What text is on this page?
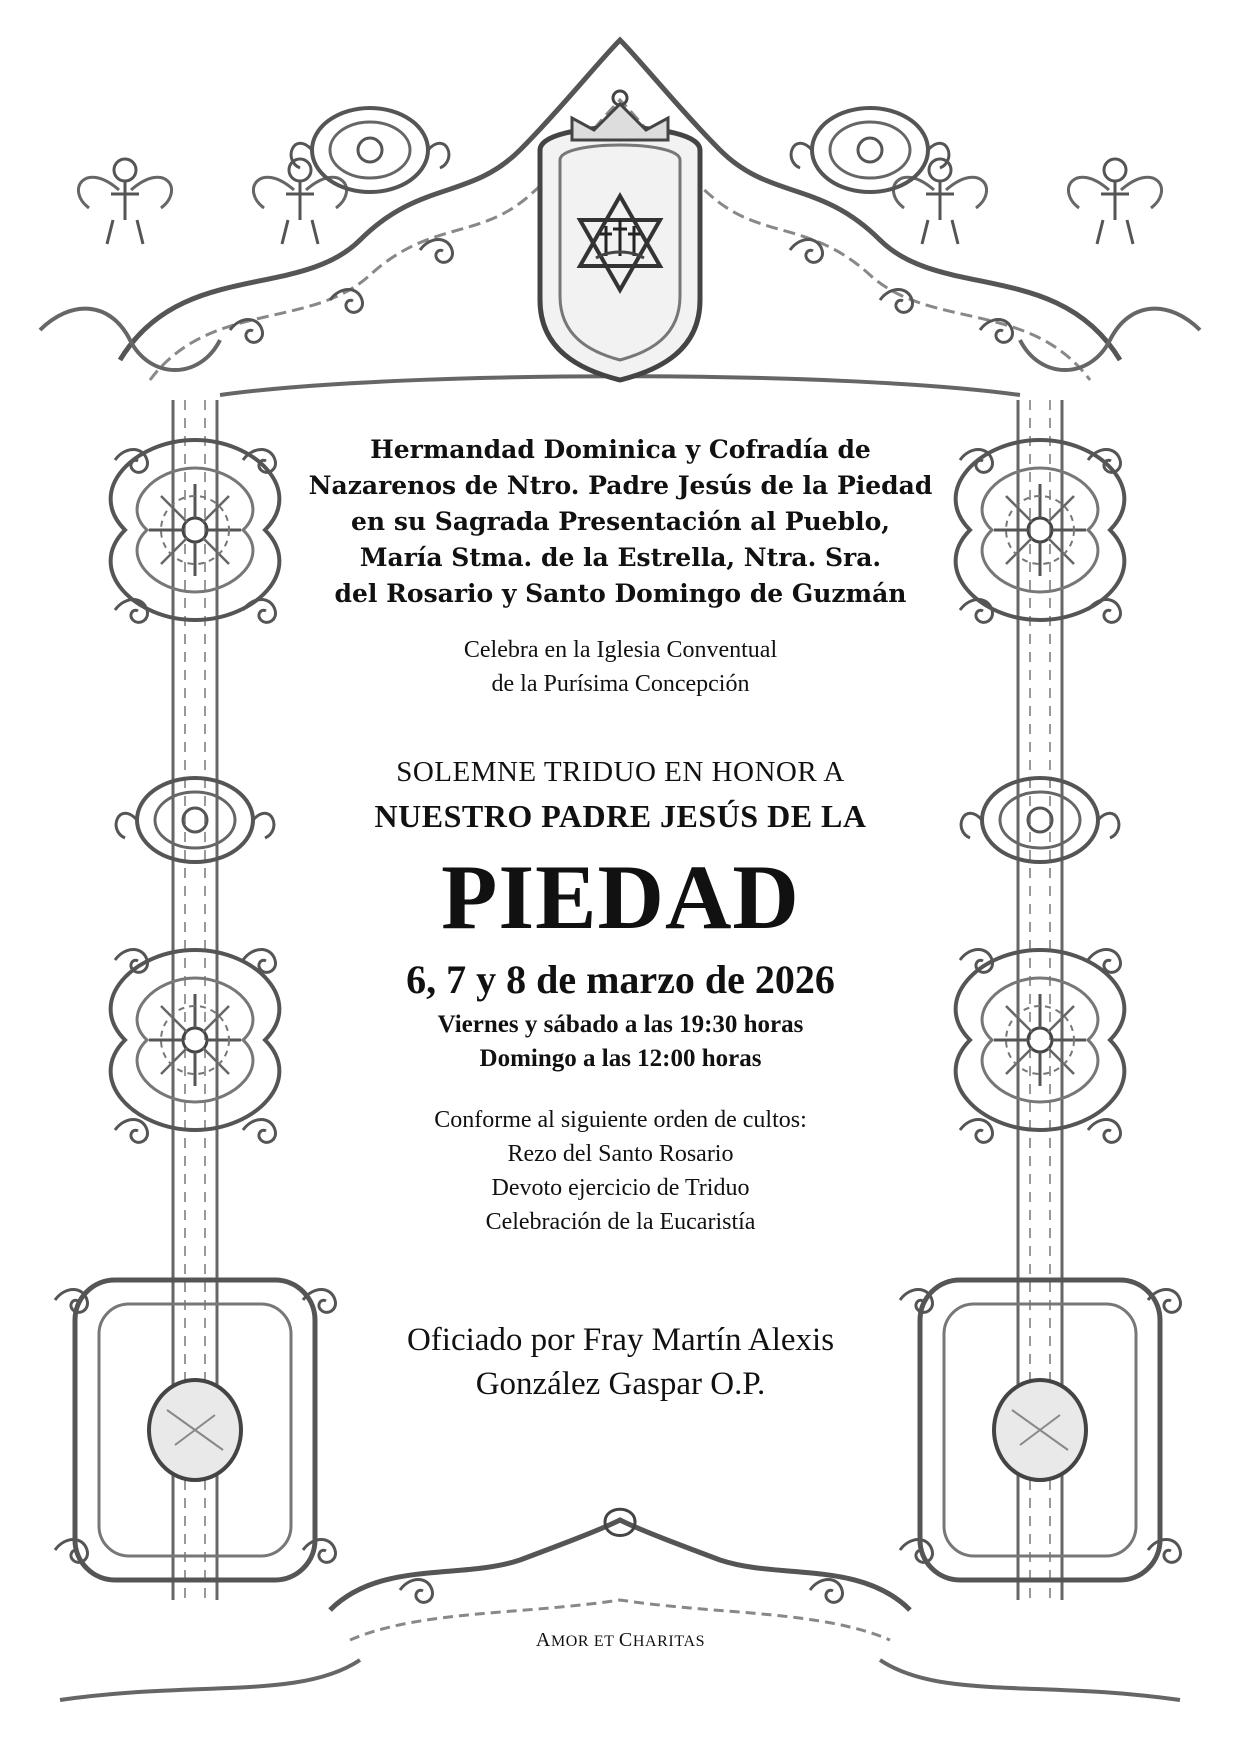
Hermandad Dominica y Cofradía de
Nazarenos de Ntro. Padre Jesús de la Piedad
en su Sagrada Presentación al Pueblo,
María Stma. de la Estrella, Ntra. Sra.
del Rosario y Santo Domingo de Guzmán
Celebra en la Iglesia Conventual
de la Purísima Concepción
SOLEMNE TRIDUO EN HONOR A
NUESTRO PADRE JESÚS DE LA
PIEDAD
6, 7 y 8 de marzo de 2026
Viernes y sábado a las 19:30 horas
Domingo a las 12:00 horas
Conforme al siguiente orden de cultos:
Rezo del Santo Rosario
Devoto ejercicio de Triduo
Celebración de la Eucaristía
Oficiado por Fray Martín Alexis
González Gaspar O.P.
AMOR ET CHARITAS
